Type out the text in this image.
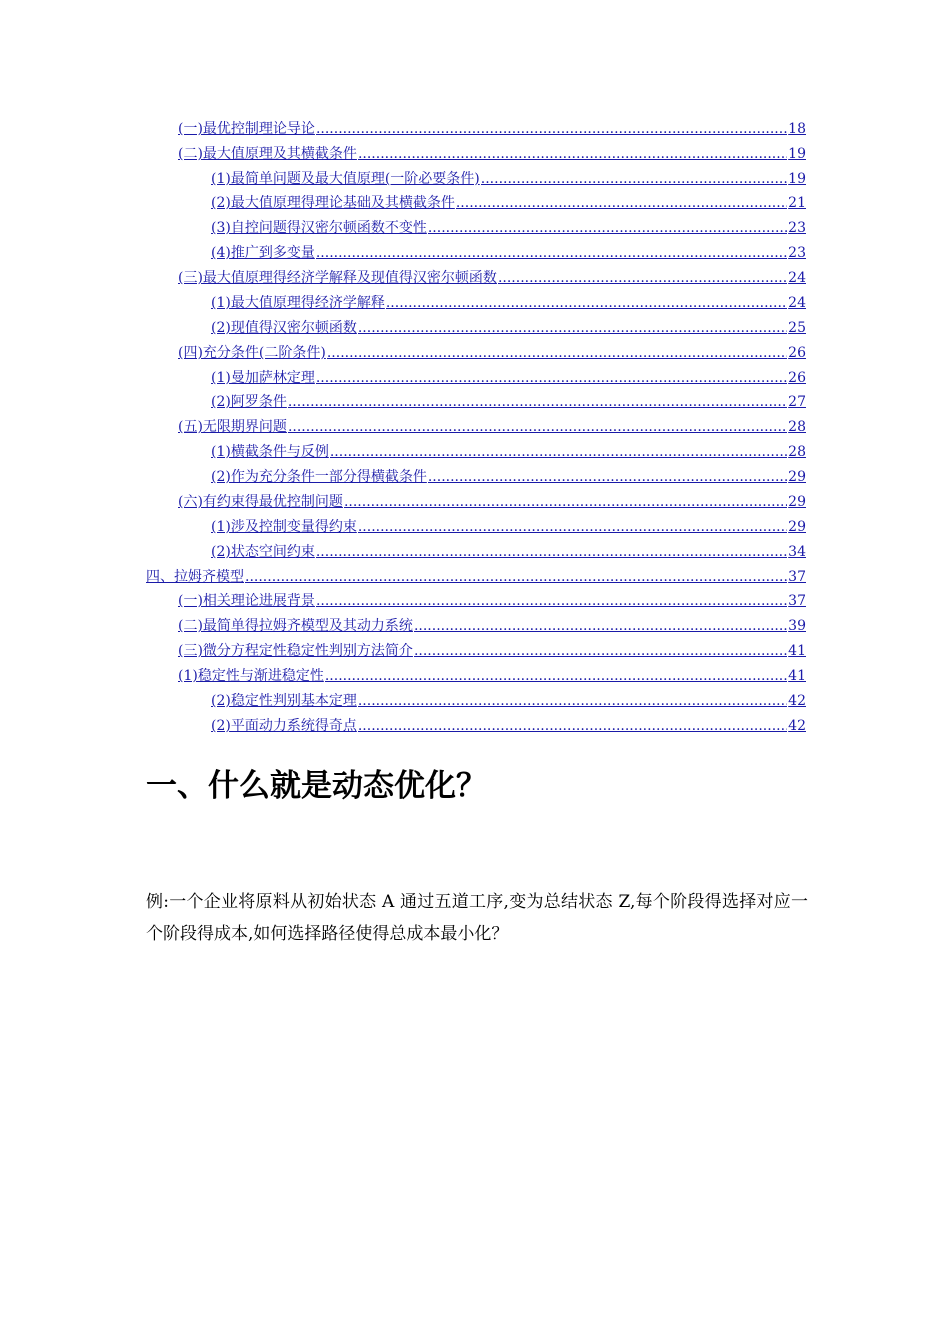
(一)最优控制理论导论 .....	18
(二)最大值原理及其横截条件 .....	19
(1)最简单问题及最大值原理(一阶必要条件) .....	19
(2)最大值原理得理论基础及其横截条件 .....	21
(3)自控问题得汉密尔顿函数不变性 .....	23
(4)推广到多变量 .....	23
(三)最大值原理得经济学解释及现值得汉密尔顿函数 .....	24
(1)最大值原理得经济学解释 .....	24
(2)现值得汉密尔顿函数 .....	25
(四)充分条件(二阶条件) .....	26
(1)曼加萨林定理 .....	26
(2)阿罗条件 .....	27
(五)无限期界问题 .....	28
(1)横截条件与反例 .....	28
(2)作为充分条件一部分得横截条件 .....	29
(六)有约束得最优控制问题 .....	29
(1)涉及控制变量得约束 .....	29
(2)状态空间约束 .....	34
四、拉姆齐模型 .....	37
(一)相关理论进展背景 .....	37
(二)最简单得拉姆齐模型及其动力系统 .....	39
(三)微分方程定性稳定性判别方法简介 .....	41
(1)稳定性与渐进稳定性 .....	41
(2)稳定性判别基本定理 .....	42
(2)平面动力系统得奇点 .....	42
一、什么就是动态优化？

例:一个企业将原料从初始状态 A 通过五道工序,变为总结状态 Z,每个阶段得选择对应一个阶段得成本,如何选择路径使得总成本最小化？
